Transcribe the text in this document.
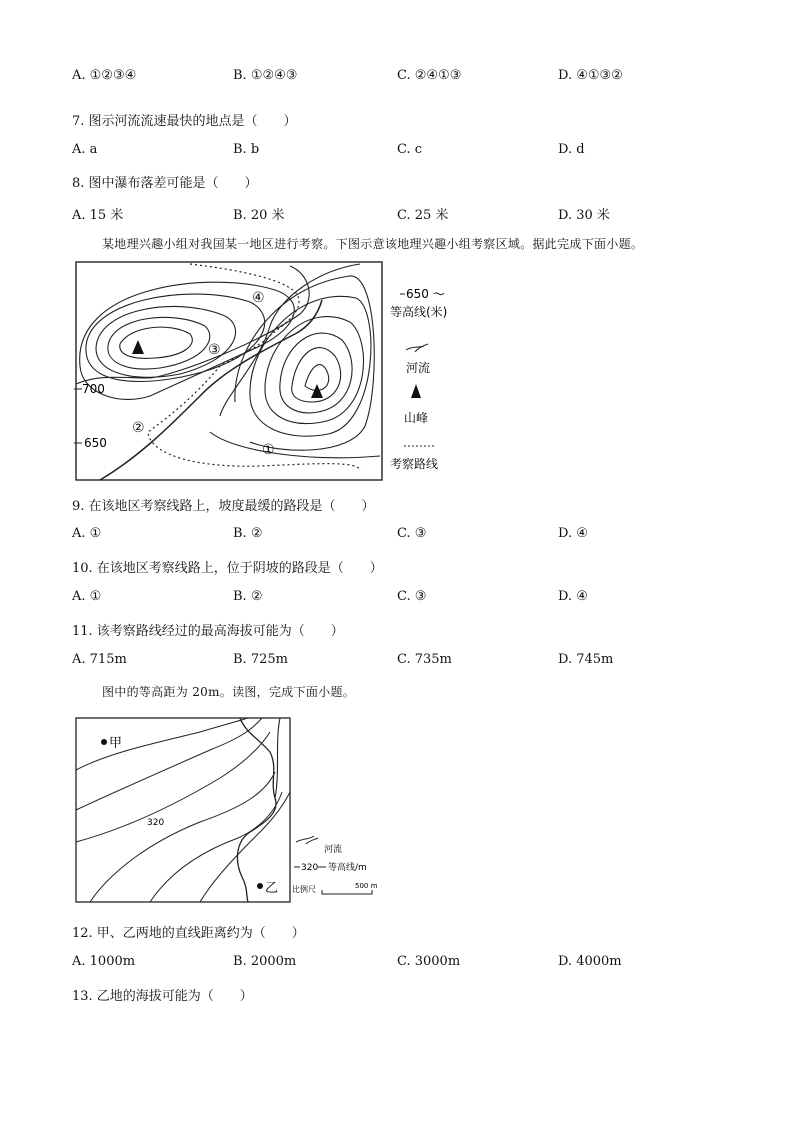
A. ①②③④	B. ①②④③	C. ②④①③	D. ④①③②
7. 图示河流流速最快的地点是（　　）
A. a	B. b	C. c	D. d
8. 图中瀑布落差可能是（　　）
A. 15 米	B. 20 米	C. 25 米	D. 30 米
某地理兴趣小组对我国某一地区进行考察。下图示意该地理兴趣小组考察区域。据此完成下面小题。
700
650
④
③
②
①
650
等高线(米)
河流
山峰
考察路线
9. 在该地区考察线路上，坡度最缓的路段是（　　）
A. ①	B. ②	C. ③	D. ④
10. 在该地区考察线路上，位于阴坡的路段是（　　）
A. ①	B. ②	C. ③	D. ④
11. 该考察路线经过的最高海拔可能为（　　）
A. 715m	B. 725m	C. 735m	D. 745m
图中的等高距为 20m。读图，完成下面小题。
甲
乙
320
河流
320 等高线/m
比例尺	500 m
12. 甲、乙两地的直线距离约为（　　）
A. 1000m	B. 2000m	C. 3000m	D. 4000m
13. 乙地的海拔可能为（　　）
